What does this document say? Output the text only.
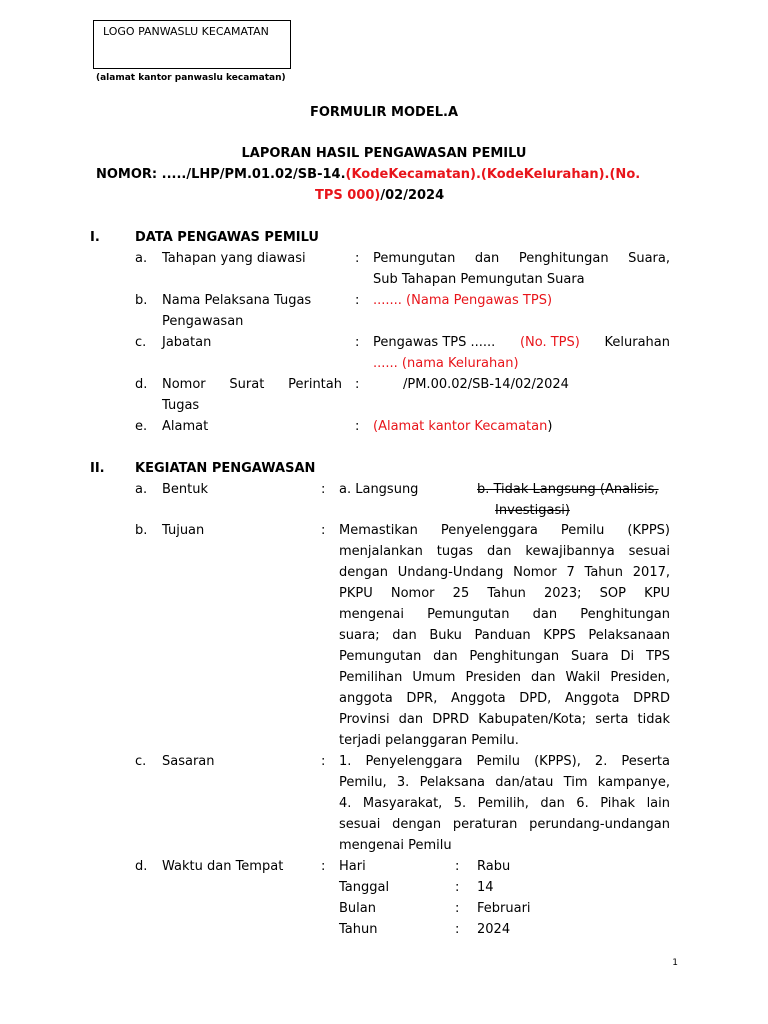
LOGO PANWASLU KECAMATAN
(alamat kantor panwaslu kecamatan)
FORMULIR MODEL.A
LAPORAN HASIL PENGAWASAN PEMILU
NOMOR: ...../LHP/PM.01.02/SB-14.(KodeKecamatan).(KodeKelurahan).(No.
TPS 000)/02/2024
I.	DATA PENGAWAS PEMILU
a. Tahapan yang diawasi	: Pemungutan dan Penghitungan Suara,
Sub Tahapan Pemungutan Suara
b. Nama Pelaksana Tugas
Pengawasan
: ....... (Nama Pengawas TPS)
c. Jabatan	: Pengawas TPS ...... (No. TPS) Kelurahan
...... (nama Kelurahan)
d. Nomor Surat Perintah
Tugas
:	/PM.00.02/SB-14/02/2024
e. Alamat	: (Alamat kantor Kecamatan)
II. KEGIATAN PENGAWASAN
a. Bentuk	: a. Langsung	b. Tidak Langsung (Analisis,
Investigasi)
b. Tujuan	: Memastikan Penyelenggara Pemilu (KPPS)
menjalankan tugas dan kewajibannya sesuai
dengan Undang-Undang Nomor 7 Tahun 2017,
PKPU Nomor 25 Tahun 2023; SOP KPU
mengenai Pemungutan dan Penghitungan
suara; dan Buku Panduan KPPS Pelaksanaan
Pemungutan dan Penghitungan Suara Di TPS
Pemilihan Umum Presiden dan Wakil Presiden,
anggota DPR, Anggota DPD, Anggota DPRD
Provinsi dan DPRD Kabupaten/Kota; serta tidak
terjadi pelanggaran Pemilu.
c. Sasaran	: 1. Penyelenggara Pemilu (KPPS), 2. Peserta
Pemilu, 3. Pelaksana dan/atau Tim kampanye,
4. Masyarakat, 5. Pemilih, dan 6. Pihak lain
sesuai dengan peraturan perundang-undangan
mengenai Pemilu
d. Waktu dan Tempat	: Hari	: Rabu
Tanggal	: 14
Bulan	: Februari
Tahun	: 2024
1
